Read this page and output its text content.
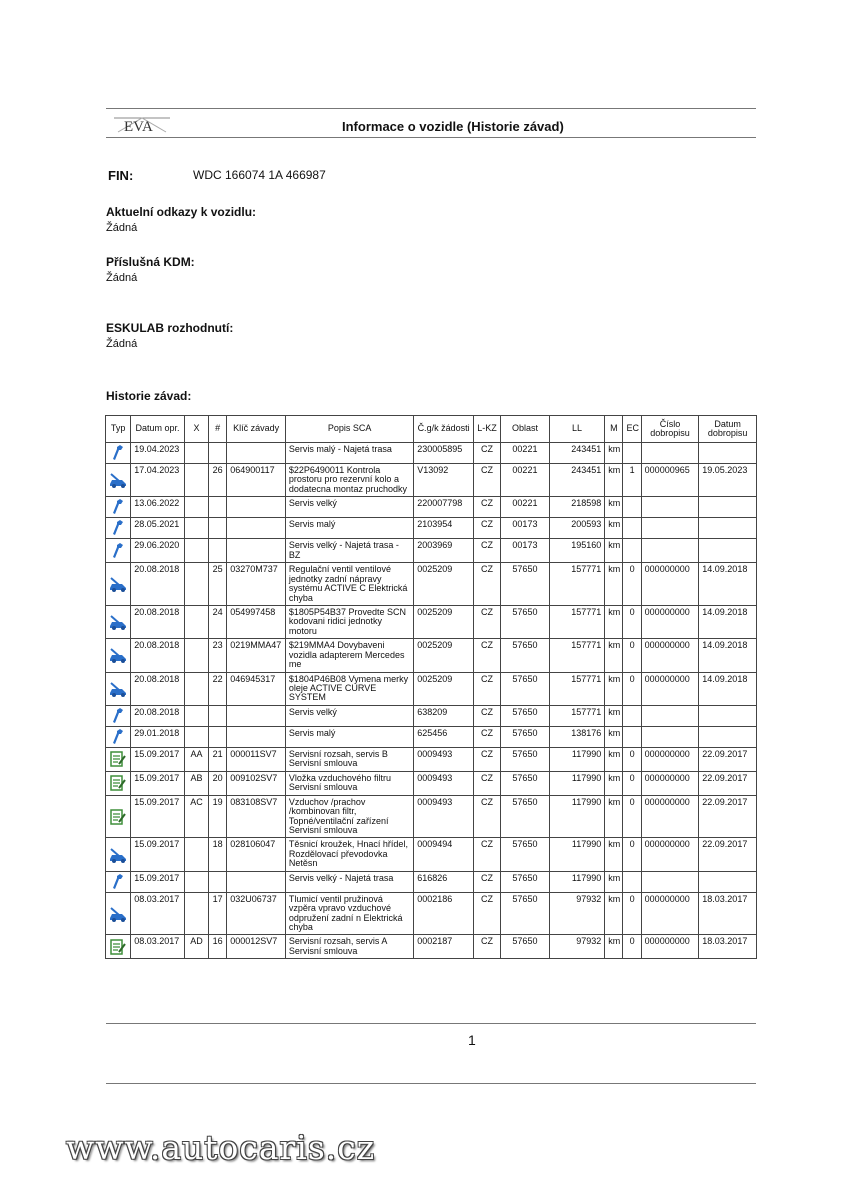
EVA	Informace o vozidle (Historie závad)
FIN:	WDC 166074 1A 466987
Aktuelní odkazy k vozidlu:
Žádná
Příslušná KDM:
Žádná
ESKULAB rozhodnutí:
Žádná
Historie závad:
Typ	Datum opr.	X	#	Klíč závady	Popis SCA	Č.g/k žádosti	L-KZ	Oblast	LL	M	EC	Číslo dobropisu	Datum dobropisu
	19.04.2023				Servis malý - Najetá trasa	230005895	CZ	00221	243451	km			
	17.04.2023		26	064900117	$22P6490011 Kontrola prostoru pro rezervní kolo a dodatecna montaz pruchodky	V13092	CZ	00221	243451	km	1	000000965	19.05.2023
	13.06.2022				Servis velký	220007798	CZ	00221	218598	km			
	28.05.2021				Servis malý	2103954	CZ	00173	200593	km			
	29.06.2020				Servis velký - Najetá trasa - BZ	2003969	CZ	00173	195160	km			
	20.08.2018		25	03270M737	Regulační ventil ventilové jednotky zadní nápravy systému ACTIVE C Elektrická chyba	0025209	CZ	57650	157771	km	0	000000000	14.09.2018
	20.08.2018		24	054997458	$1805P54B37 Provedte SCN kodovani ridici jednotky motoru	0025209	CZ	57650	157771	km	0	000000000	14.09.2018
	20.08.2018		23	0219MMA47	$219MMA4 Dovybaveni vozidla adapterem Mercedes me	0025209	CZ	57650	157771	km	0	000000000	14.09.2018
	20.08.2018		22	046945317	$1804P46B08 Vymena merky oleje ACTIVE CURVE SYSTEM	0025209	CZ	57650	157771	km	0	000000000	14.09.2018
	20.08.2018				Servis velký	638209	CZ	57650	157771	km			
	29.01.2018				Servis malý	625456	CZ	57650	138176	km			
	15.09.2017	AA	21	000011SV7	Servisní rozsah, servis B Servisní smlouva	0009493	CZ	57650	117990	km	0	000000000	22.09.2017
	15.09.2017	AB	20	009102SV7	Vložka vzduchového filtru Servisní smlouva	0009493	CZ	57650	117990	km	0	000000000	22.09.2017
	15.09.2017	AC	19	083108SV7	Vzduchov /prachov /kombinovan filtr, Topné/ventilační zařízení Servisní smlouva	0009493	CZ	57650	117990	km	0	000000000	22.09.2017
	15.09.2017		18	028106047	Těsnicí kroužek, Hnací hřídel, Rozdělovací převodovka Netěsn	0009494	CZ	57650	117990	km	0	000000000	22.09.2017
	15.09.2017				Servis velký - Najetá trasa	616826	CZ	57650	117990	km			
	08.03.2017		17	032U06737	Tlumicí ventil pružinová vzpěra vpravo vzduchové odpružení zadní n Elektrická chyba	0002186	CZ	57650	97932	km	0	000000000	18.03.2017
	08.03.2017	AD	16	000012SV7	Servisní rozsah, servis A Servisní smlouva	0002187	CZ	57650	97932	km	0	000000000	18.03.2017
1
www.autocaris.cz
